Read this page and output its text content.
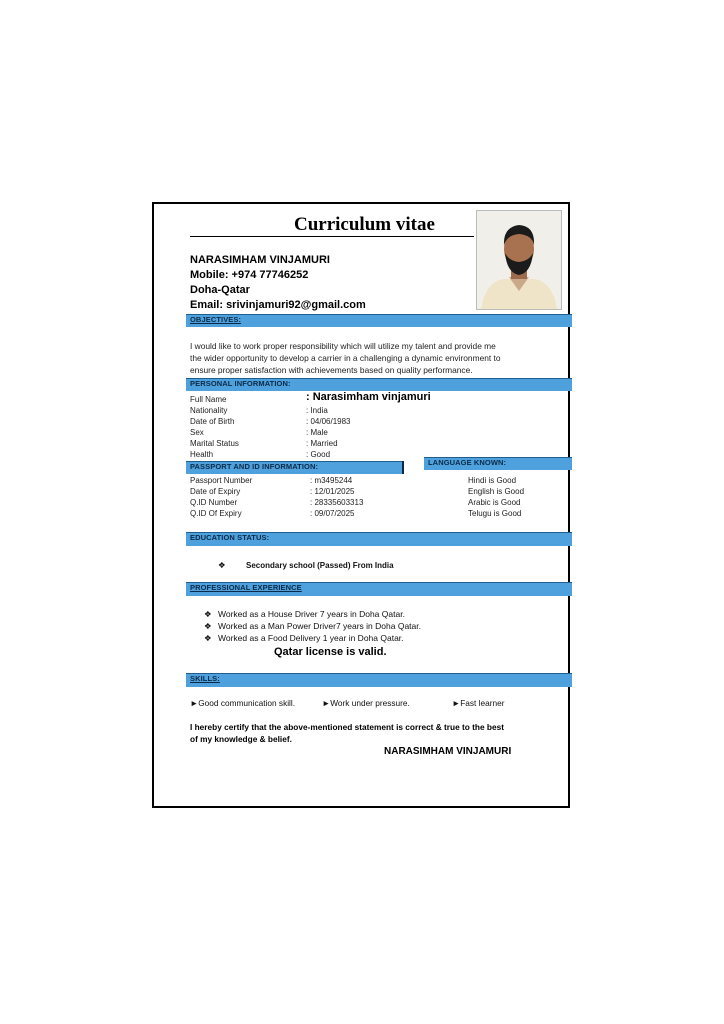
Curriculum vitae
NARASIMHAM VINJAMURI
Mobile: +974 77746252
Doha-Qatar
Email: srivinjamuri92@gmail.com
OBJECTIVES:
I would like to work proper responsibility which will utilize my talent and provide me
the wider opportunity to develop a carrier in a challenging a dynamic environment to
ensure proper satisfaction with achievements based on quality performance.
PERSONAL INFORMATION:
Full Name	: Narasimham vinjamuri
Nationality	: India
Date of Birth	: 04/06/1983
Sex	: Male
Marital Status	: Married
Health	: Good
PASSPORT AND ID INFORMATION:	LANGUAGE KNOWN:
Passport Number	: m3495244
Date of Expiry	: 12/01/2025
Q.ID Number	: 28335603313
Q.ID Of Expiry	: 09/07/2025
Hindi is Good
English is Good
Arabic is Good
Telugu is Good
EDUCATION STATUS:
❖	Secondary school (Passed) From India
PROFESSIONAL EXPERIENCE
❖ Worked as a House Driver 7 years in Doha Qatar.
❖ Worked as a Man Power Driver7 years in Doha Qatar.
❖ Worked as a Food Delivery 1 year in Doha Qatar.
Qatar license is valid.
SKILLS:
►Good communication skill.	►Work under pressure.	►Fast learner
I hereby certify that the above-mentioned statement is correct & true to the best
of my knowledge & belief.
NARASIMHAM VINJAMURI
